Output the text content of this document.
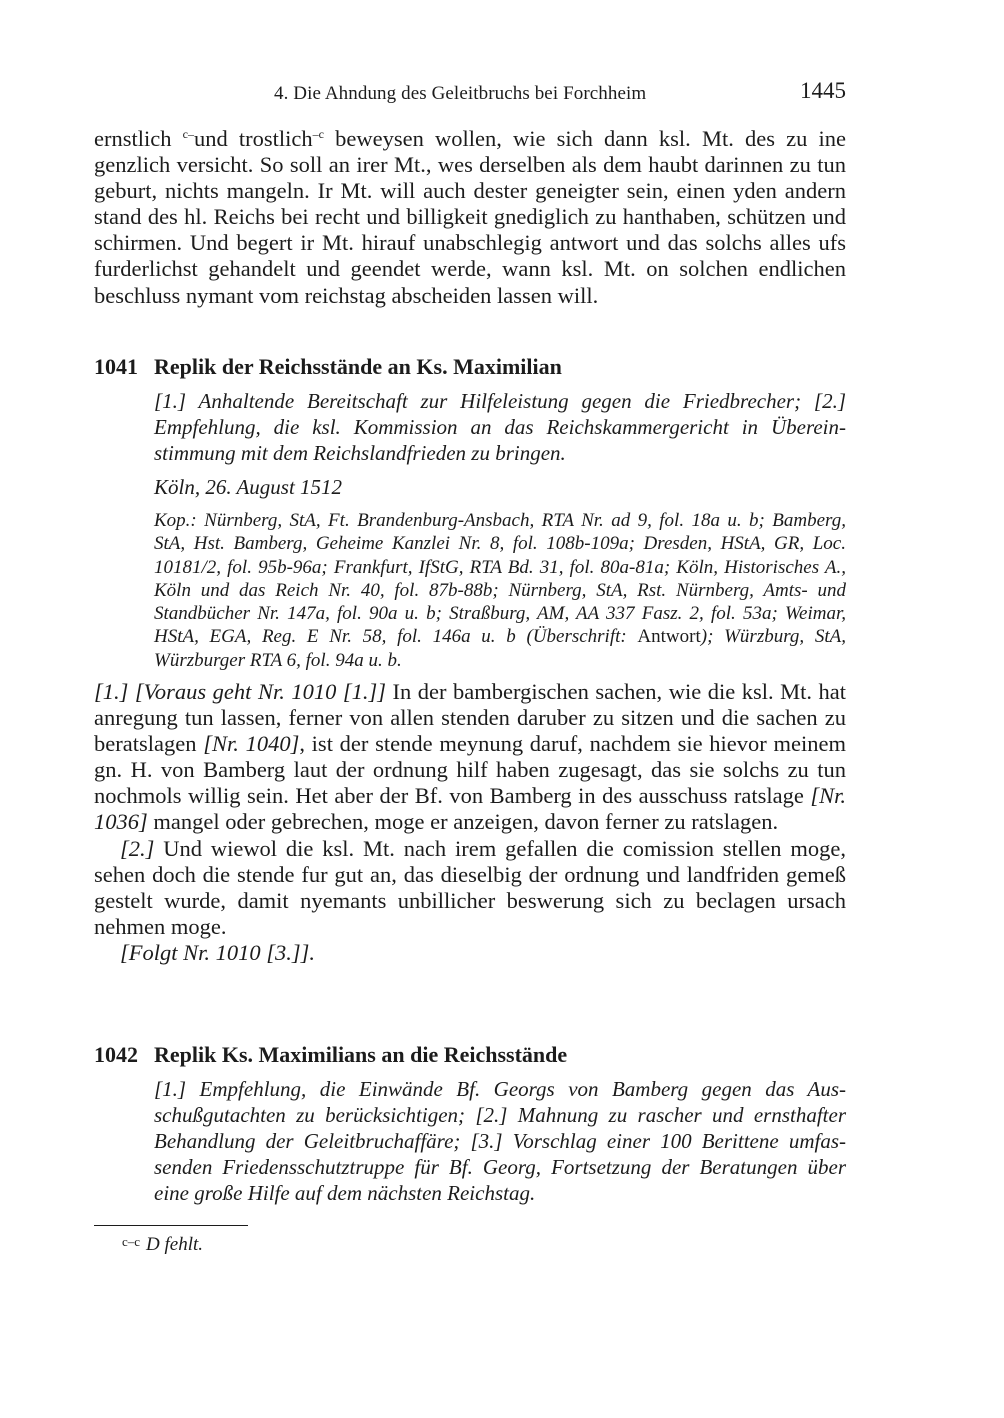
4. Die Ahndung des Geleitbruchs bei Forchheim	1445

ernstlich $^{c-}$und trostlich$^{-c}$ beweysen wollen, wie sich dann ksl. Mt. des zu ine genzlich versicht. So soll an irer Mt., wes derselben als dem haubt darinnen zu tun geburt, nichts mangeln. Ir Mt. will auch dester geneigter sein, einen yden andern stand des hl. Reichs bei recht und billigkeit gnediglich zu hanthaben, schützen und schirmen. Und begert ir Mt. hirauf unabschlegig antwort und das solchs alles ufs furderlichst gehandelt und geendet werde, wann ksl. Mt. on solchen endlichen beschluss nymant vom reichstag abscheiden lassen will.

1041 Replik der Reichsstände an Ks. Maximilian
[1.] Anhaltende Bereitschaft zur Hilfeleistung gegen die Friedbrecher; [2.] Empfehlung, die ksl. Kommission an das Reichskammergericht in Übereinstimmung mit dem Reichslandfrieden zu bringen.
Köln, 26. August 1512
Kop.: Nürnberg, StA, Ft. Brandenburg-Ansbach, RTA Nr. ad 9, fol. 18a u. b; Bamberg, StA, Hst. Bamberg, Geheime Kanzlei Nr. 8, fol. 108b-109a; Dresden, HStA, GR, Loc. 10181/2, fol. 95b-96a; Frankfurt, IfStG, RTA Bd. 31, fol. 80a-81a; Köln, Historisches A., Köln und das Reich Nr. 40, fol. 87b-88b; Nürnberg, StA, Rst. Nürnberg, Amts- und Standbücher Nr. 147a, fol. 90a u. b; Straßburg, AM, AA 337 Fasz. 2, fol. 53a; Weimar, HStA, EGA, Reg. E Nr. 58, fol. 146a u. b (Überschrift: Antwort); Würzburg, StA, Würzburger RTA 6, fol. 94a u. b.

[1.] [Voraus geht Nr. 1010 [1.]] In der bambergischen sachen, wie die ksl. Mt. hat anregung tun lassen, ferner von allen stenden daruber zu sitzen und die sachen zu beratslagen [Nr. 1040], ist der stende meynung daruf, nachdem sie hievor meinem gn. H. von Bamberg laut der ordnung hilf haben zugesagt, das sie solchs zu tun nochmols willig sein. Het aber der Bf. von Bamberg in des ausschuss ratslage [Nr. 1036] mangel oder gebrechen, moge er anzeigen, davon ferner zu ratslagen.

[2.] Und wiewol die ksl. Mt. nach irem gefallen die comission stellen moge, sehen doch die stende fur gut an, das dieselbig der ordnung und landfriden gemeß gestelt wurde, damit nyemants unbillicher beswerung sich zu beclagen ursach nehmen moge.

[Folgt Nr. 1010 [3.]].

1042 Replik Ks. Maximilians an die Reichsstände
[1.] Empfehlung, die Einwände Bf. Georgs von Bamberg gegen das Ausschußgutachten zu berücksichtigen; [2.] Mahnung zu rascher und ernsthafter Behandlung der Geleitbruchaffäre; [3.] Vorschlag einer 100 Berittene umfassenden Friedensschutztruppe für Bf. Georg, Fortsetzung der Beratungen über eine große Hilfe auf dem nächsten Reichstag.
$^{c-c}$ D fehlt.
